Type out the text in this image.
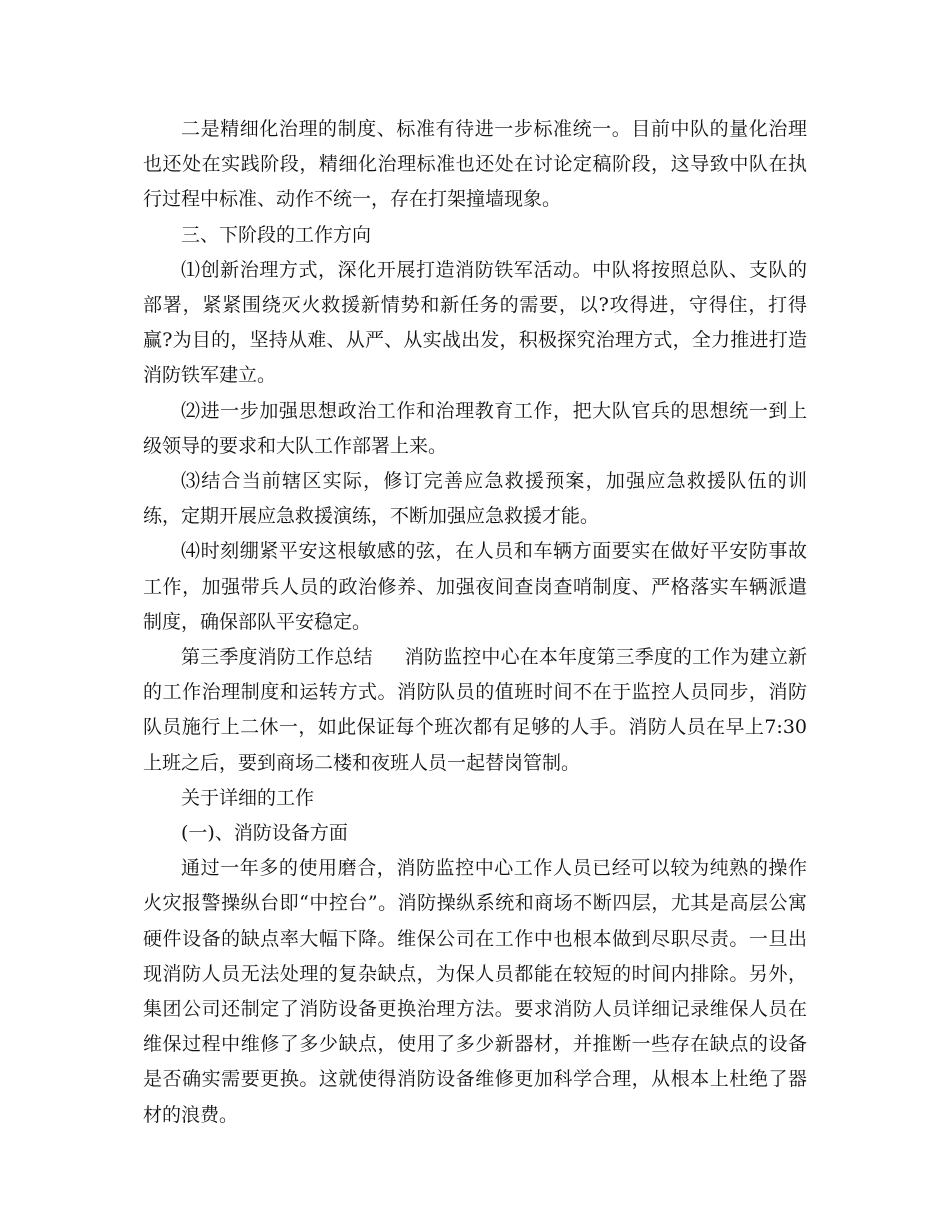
二是精细化治理的制度、标准有待进一步标准统一。目前中队的量化治理也还处在实践阶段，精细化治理标准也还处在讨论定稿阶段，这导致中队在执行过程中标准、动作不统一，存在打架撞墙现象。

三、下阶段的工作方向

⑴创新治理方式，深化开展打造消防铁军活动。中队将按照总队、支队的部署，紧紧围绕灭火救援新情势和新任务的需要，以?攻得进，守得住，打得赢?为目的，坚持从难、从严、从实战出发，积极探究治理方式，全力推进打造消防铁军建立。

⑵进一步加强思想政治工作和治理教育工作，把大队官兵的思想统一到上级领导的要求和大队工作部署上来。

⑶结合当前辖区实际，修订完善应急救援预案，加强应急救援队伍的训练，定期开展应急救援演练，不断加强应急救援才能。

⑷时刻绷紧平安这根敏感的弦，在人员和车辆方面要实在做好平安防事故工作，加强带兵人员的政治修养、加强夜间查岗查哨制度、严格落实车辆派遣制度，确保部队平安稳定。

第三季度消防工作总结 消防监控中心在本年度第三季度的工作为建立新的工作治理制度和运转方式。消防队员的值班时间不在于监控人员同步，消防队员施行上二休一，如此保证每个班次都有足够的人手。消防人员在早上7:30上班之后，要到商场二楼和夜班人员一起替岗管制。

关于详细的工作

(一)、消防设备方面

通过一年多的使用磨合，消防监控中心工作人员已经可以较为纯熟的操作火灾报警操纵台即“中控台”。消防操纵系统和商场不断四层，尤其是高层公寓硬件设备的缺点率大幅下降。维保公司在工作中也根本做到尽职尽责。一旦出现消防人员无法处理的复杂缺点，为保人员都能在较短的时间内排除。另外，集团公司还制定了消防设备更换治理方法。要求消防人员详细记录维保人员在维保过程中维修了多少缺点，使用了多少新器材，并推断一些存在缺点的设备是否确实需要更换。这就使得消防设备维修更加科学合理，从根本上杜绝了器材的浪费。
